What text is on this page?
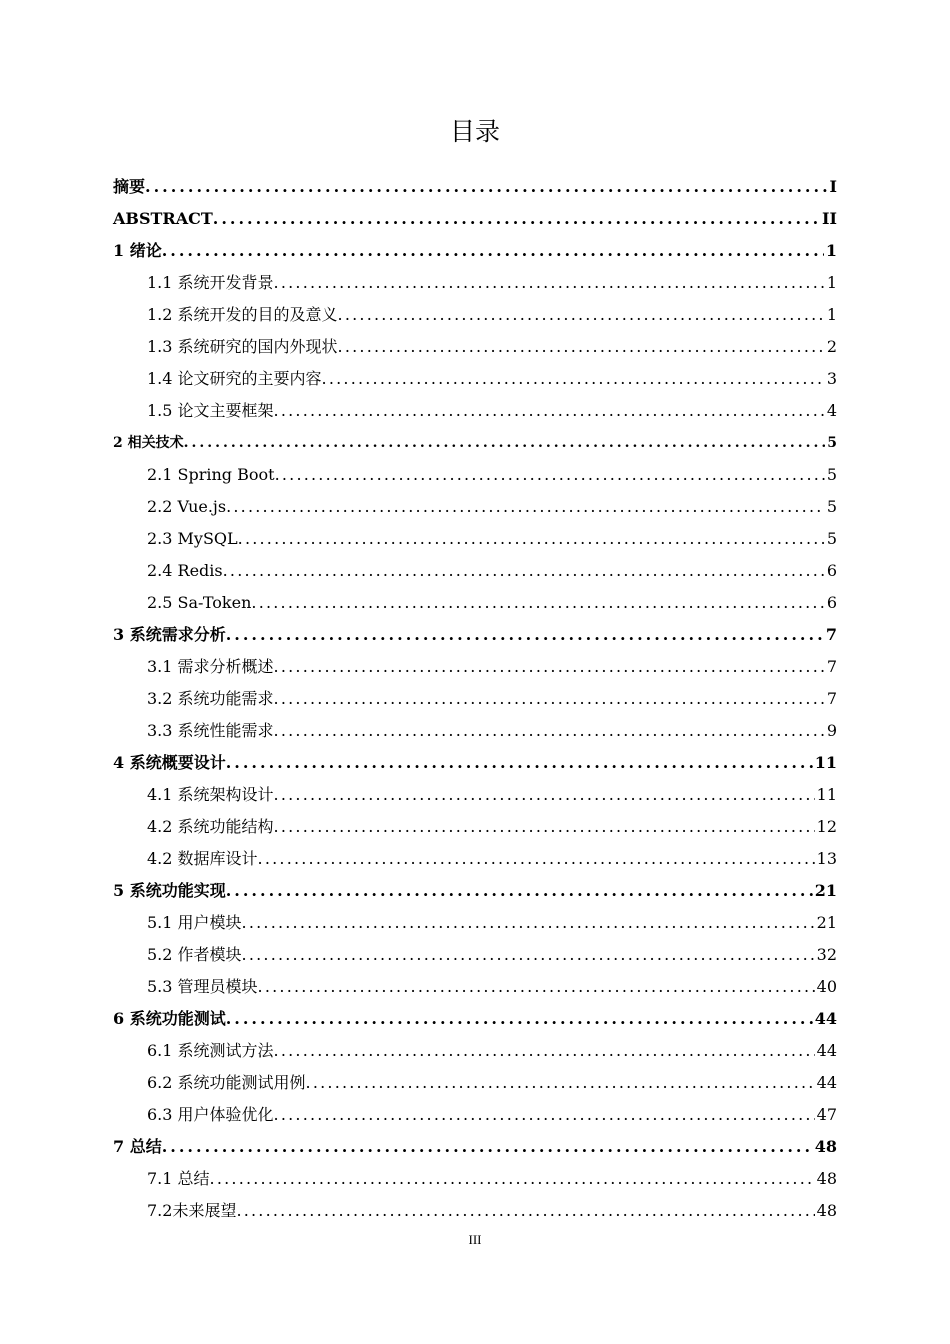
目录
摘要 .....	I
ABSTRACT .....	II
1 绪论 .....	1
1.1 系统开发背景 .....	1
1.2 系统开发的目的及意义 .....	1
1.3 系统研究的国内外现状 .....	2
1.4 论文研究的主要内容 .....	3
1.5 论文主要框架 .....	4
2 相关技术 .....	5
2.1 Spring Boot .....	5
2.2 Vue.js .....	5
2.3 MySQL .....	5
2.4 Redis .....	6
2.5 Sa-Token .....	6
3 系统需求分析 .....	7
3.1 需求分析概述 .....	7
3.2 系统功能需求 .....	7
3.3 系统性能需求 .....	9
4 系统概要设计 .....	11
4.1 系统架构设计 .....	11
4.2 系统功能结构 .....	12
4.2 数据库设计 .....	13
5 系统功能实现 .....	21
5.1 用户模块 .....	21
5.2 作者模块 .....	32
5.3 管理员模块 .....	40
6 系统功能测试 .....	44
6.1 系统测试方法 .....	44
6.2 系统功能测试用例 .....	44
6.3 用户体验优化 .....	47
7 总结 .....	48
7.1 总结 .....	48
7.2未来展望 .....	48
III
